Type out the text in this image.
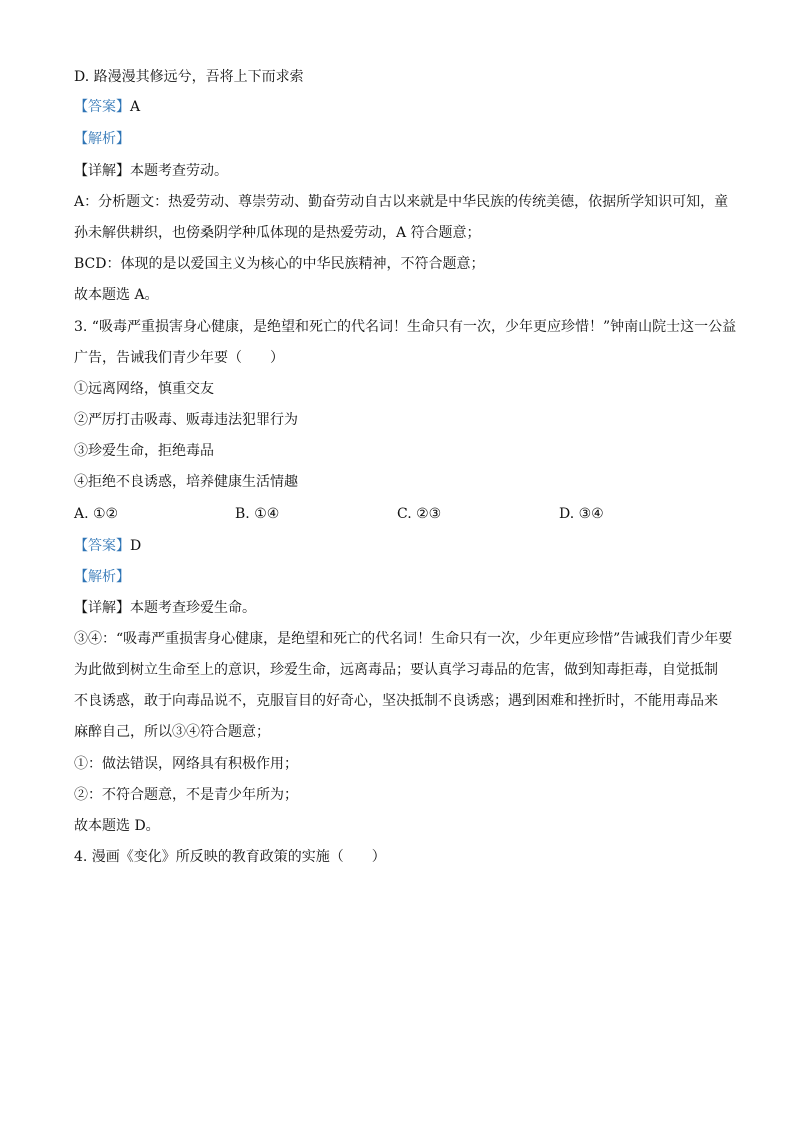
D. 路漫漫其修远兮，吾将上下而求索
【答案】A
【解析】
【详解】本题考查劳动。
A：分析题文：热爱劳动、尊崇劳动、勤奋劳动自古以来就是中华民族的传统美德，依据所学知识可知，童
孙未解供耕织，也傍桑阴学种瓜体现的是热爱劳动，A 符合题意；
BCD：体现的是以爱国主义为核心的中华民族精神，不符合题意；
故本题选 A。
3. “吸毒严重损害身心健康，是绝望和死亡的代名词！生命只有一次，少年更应珍惜！”钟南山院士这一公益
广告，告诫我们青少年要（　　）
①远离网络，慎重交友
②严厉打击吸毒、贩毒违法犯罪行为
③珍爱生命，拒绝毒品
④拒绝不良诱惑，培养健康生活情趣
A. ①②	B. ①④	C. ②③	D. ③④
【答案】D
【解析】
【详解】本题考查珍爱生命。
③④：“吸毒严重损害身心健康，是绝望和死亡的代名词！生命只有一次，少年更应珍惜”告诫我们青少年要
为此做到树立生命至上的意识，珍爱生命，远离毒品；要认真学习毒品的危害，做到知毒拒毒，自觉抵制
不良诱惑，敢于向毒品说不，克服盲目的好奇心，坚决抵制不良诱惑；遇到困难和挫折时，不能用毒品来
麻醉自己，所以③④符合题意；
①：做法错误，网络具有积极作用；
②：不符合题意，不是青少年所为；
故本题选 D。
4. 漫画《变化》所反映的教育政策的实施（　　）
